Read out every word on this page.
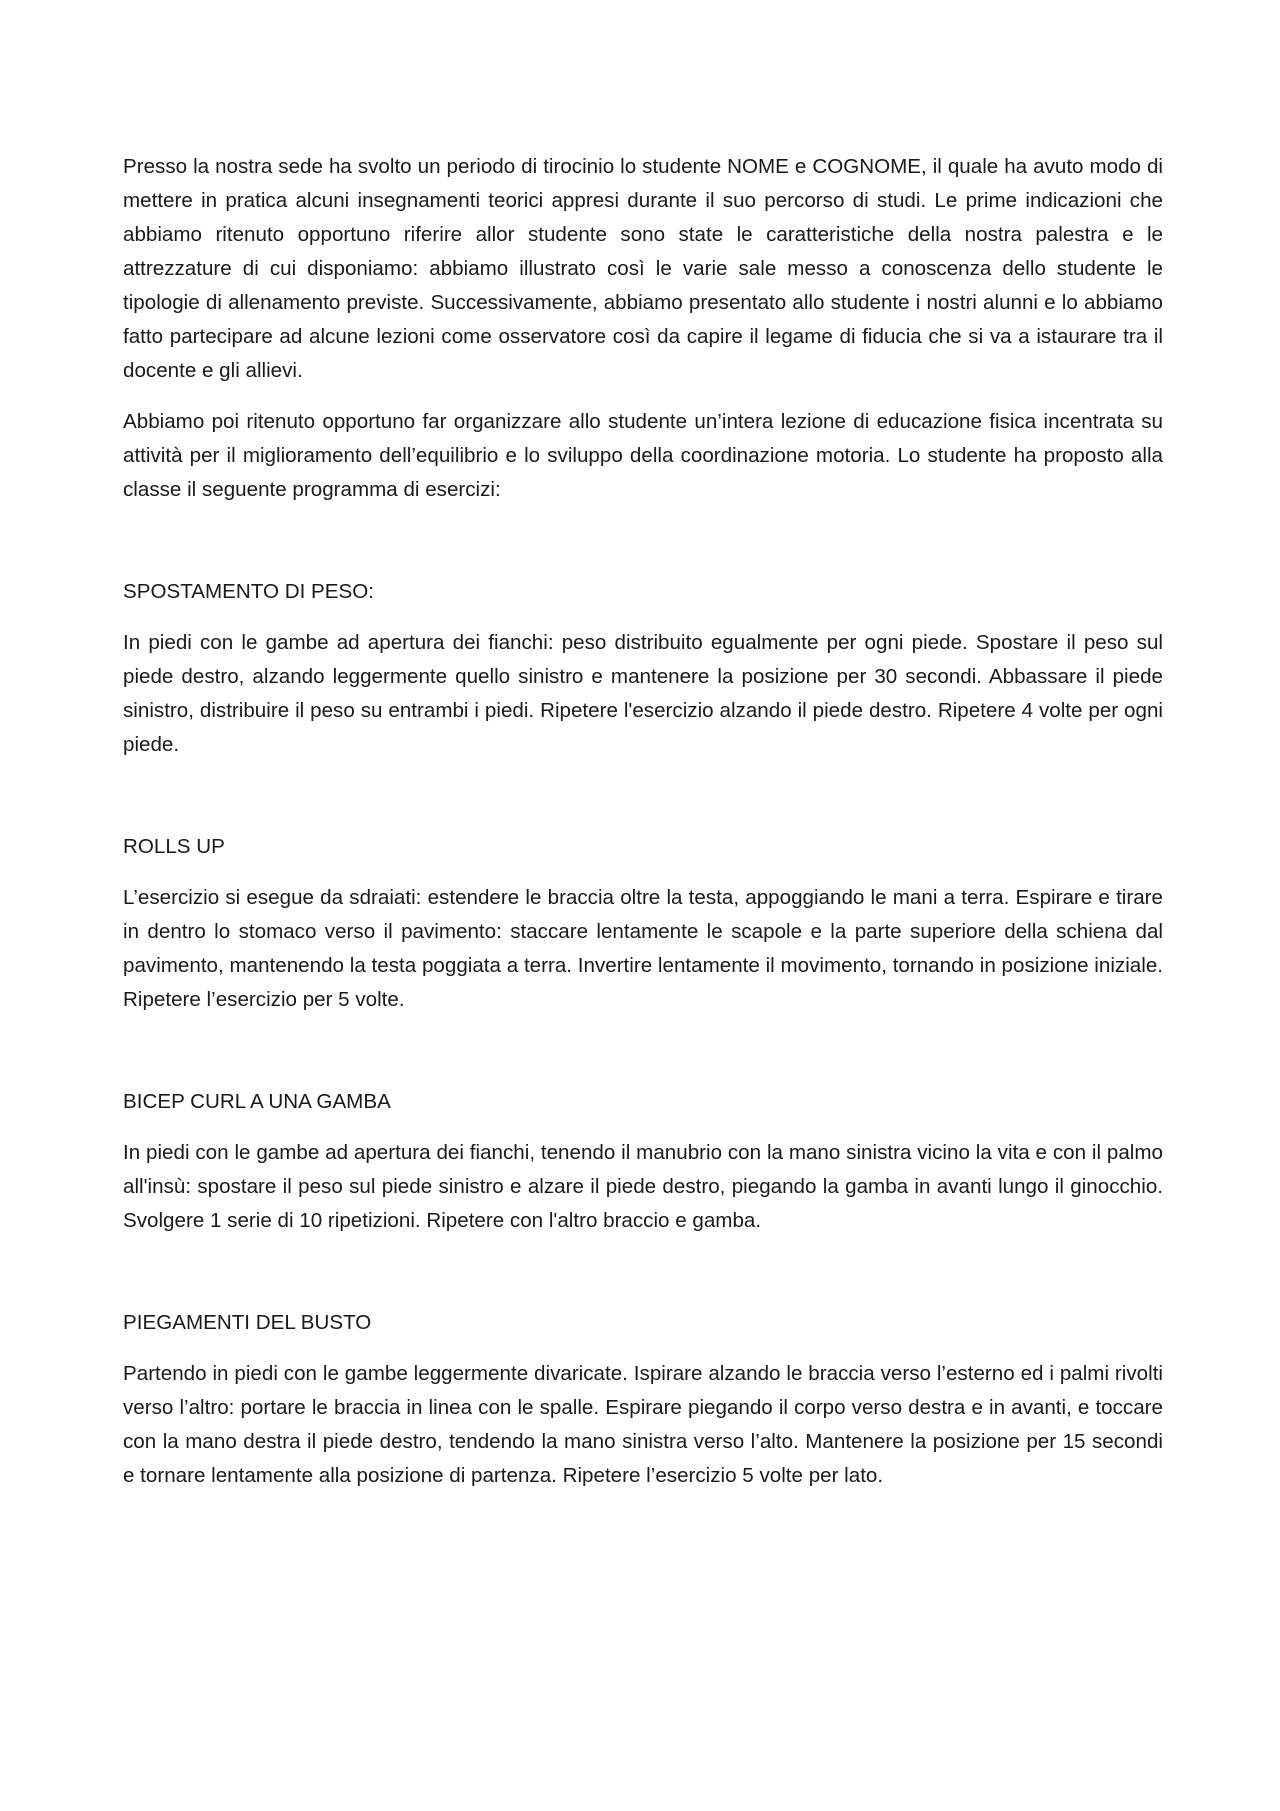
Presso la nostra sede ha svolto un periodo di tirocinio lo studente NOME e COGNOME, il quale ha avuto modo di mettere in pratica alcuni insegnamenti teorici appresi durante il suo percorso di studi. Le prime indicazioni che abbiamo ritenuto opportuno riferire allor studente sono state le caratteristiche della nostra palestra e le attrezzature di cui disponiamo: abbiamo illustrato così le varie sale messo a conoscenza dello studente le tipologie di allenamento previste. Successivamente, abbiamo presentato allo studente i nostri alunni e lo abbiamo fatto partecipare ad alcune lezioni come osservatore così da capire il legame di fiducia che si va a istaurare tra il docente e gli allievi.

Abbiamo poi ritenuto opportuno far organizzare allo studente un’intera lezione di educazione fisica incentrata su attività per il miglioramento dell’equilibrio e lo sviluppo della coordinazione motoria. Lo studente ha proposto alla classe il seguente programma di esercizi:

SPOSTAMENTO DI PESO:

In piedi con le gambe ad apertura dei fianchi: peso distribuito egualmente per ogni piede. Spostare il peso sul piede destro, alzando leggermente quello sinistro e mantenere la posizione per 30 secondi. Abbassare il piede sinistro, distribuire il peso su entrambi i piedi. Ripetere l'esercizio alzando il piede destro. Ripetere 4 volte per ogni piede.

ROLLS UP

L’esercizio si esegue da sdraiati: estendere le braccia oltre la testa, appoggiando le mani a terra. Espirare e tirare in dentro lo stomaco verso il pavimento: staccare lentamente le scapole e la parte superiore della schiena dal pavimento, mantenendo la testa poggiata a terra. Invertire lentamente il movimento, tornando in posizione iniziale. Ripetere l’esercizio per 5 volte.

BICEP CURL A UNA GAMBA

In piedi con le gambe ad apertura dei fianchi, tenendo il manubrio con la mano sinistra vicino la vita e con il palmo all'insù: spostare il peso sul piede sinistro e alzare il piede destro, piegando la gamba in avanti lungo il ginocchio. Svolgere 1 serie di 10 ripetizioni. Ripetere con l'altro braccio e gamba.

PIEGAMENTI DEL BUSTO

Partendo in piedi con le gambe leggermente divaricate. Ispirare alzando le braccia verso l’esterno ed i palmi rivolti verso l’altro: portare le braccia in linea con le spalle. Espirare piegando il corpo verso destra e in avanti, e toccare con la mano destra il piede destro, tendendo la mano sinistra verso l’alto. Mantenere la posizione per 15 secondi e tornare lentamente alla posizione di partenza. Ripetere l’esercizio 5 volte per lato.
